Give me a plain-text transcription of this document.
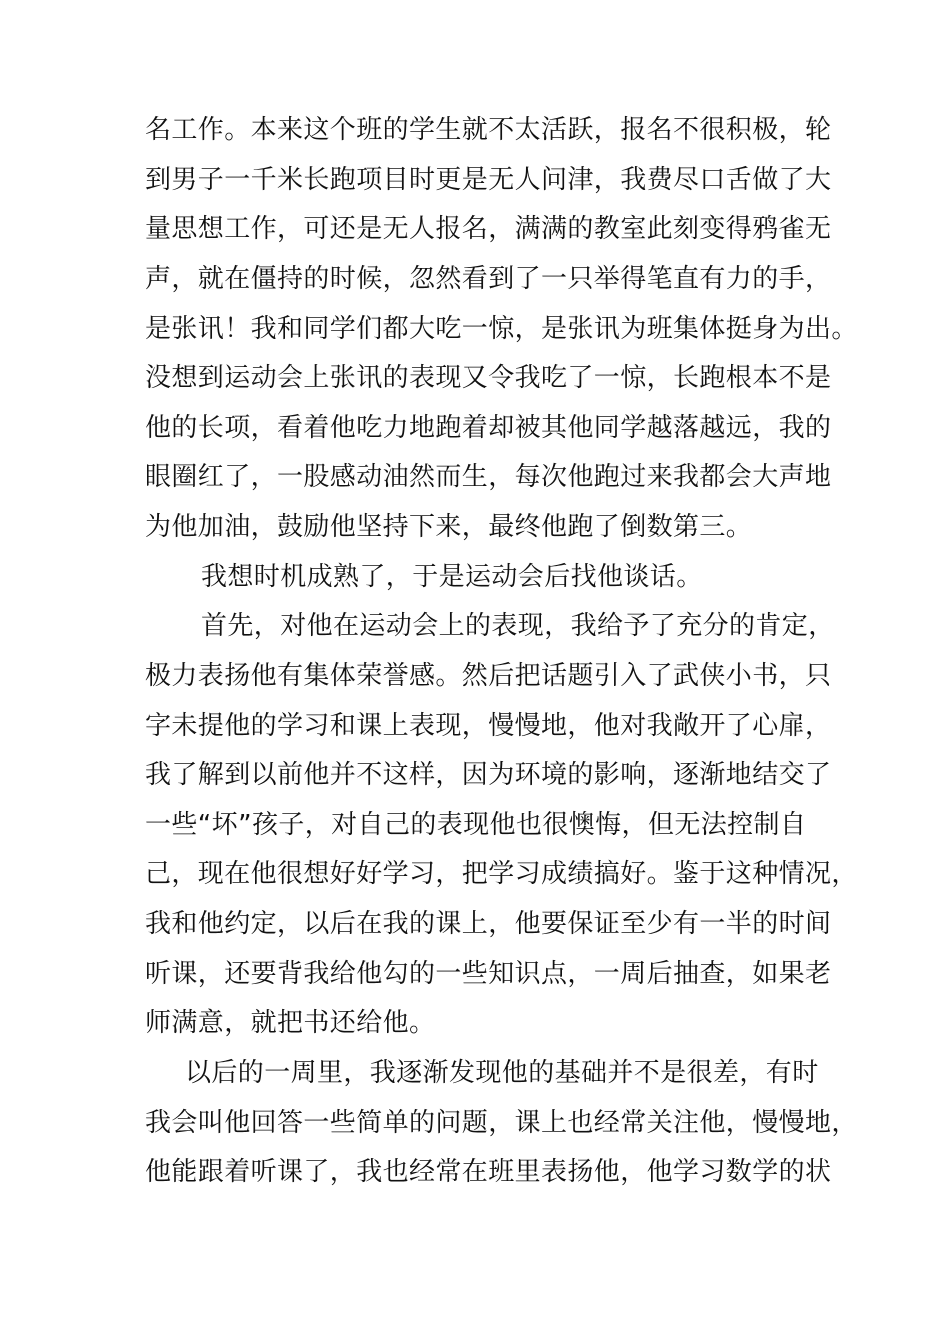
名工作。本来这个班的学生就不太活跃，报名不很积极，轮
到男子一千米长跑项目时更是无人问津，我费尽口舌做了大
量思想工作，可还是无人报名，满满的教室此刻变得鸦雀无
声，就在僵持的时候，忽然看到了一只举得笔直有力的手，
是张讯！我和同学们都大吃一惊，是张讯为班集体挺身为出。
没想到运动会上张讯的表现又令我吃了一惊，长跑根本不是
他的长项，看着他吃力地跑着却被其他同学越落越远，我的
眼圈红了，一股感动油然而生，每次他跑过来我都会大声地
为他加油，鼓励他坚持下来，最终他跑了倒数第三。
我想时机成熟了，于是运动会后找他谈话。
首先，对他在运动会上的表现，我给予了充分的肯定，
极力表扬他有集体荣誉感。然后把话题引入了武侠小书，只
字未提他的学习和课上表现，慢慢地，他对我敞开了心扉，
我了解到以前他并不这样，因为环境的影响，逐渐地结交了
一些“坏”孩子，对自己的表现他也很懊悔，但无法控制自
己，现在他很想好好学习，把学习成绩搞好。鉴于这种情况，
我和他约定，以后在我的课上，他要保证至少有一半的时间
听课，还要背我给他勾的一些知识点，一周后抽查，如果老
师满意，就把书还给他。
以后的一周里，我逐渐发现他的基础并不是很差，有时
我会叫他回答一些简单的问题，课上也经常关注他，慢慢地，
他能跟着听课了，我也经常在班里表扬他，他学习数学的状
